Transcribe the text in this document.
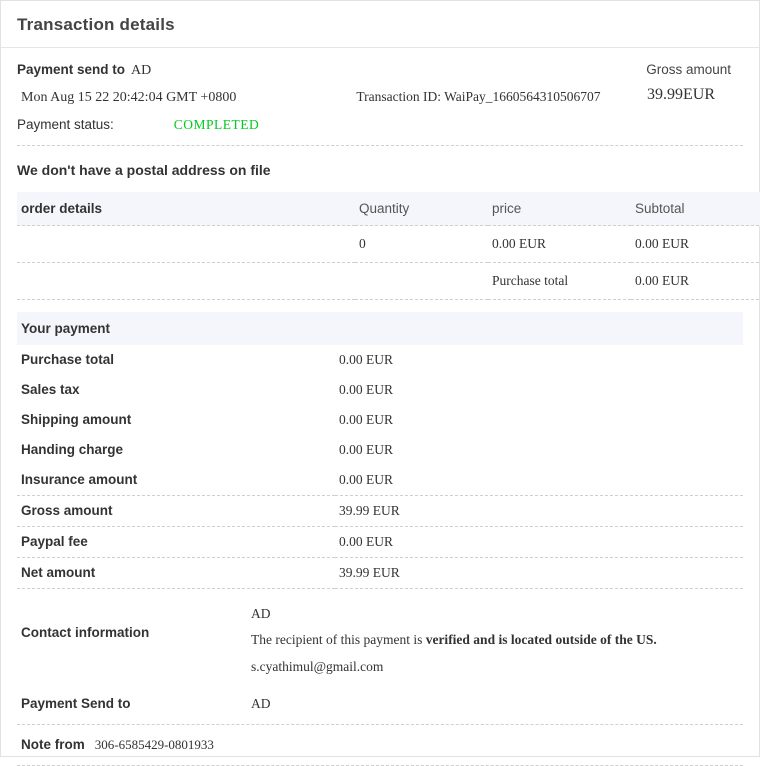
Transaction details
Payment send to AD	Gross amount
39.99EUR
Mon Aug 15 22 20:42:04 GMT +0800	Transaction ID: WaiPay_1660564310506707
Payment status:	COMPLETED
We don't have a postal address on file
order details	Quantity	price	Subtotal
	0	0.00 EUR	0.00 EUR
		Purchase total	0.00 EUR
Your payment
Purchase total	0.00 EUR
Sales tax	0.00 EUR
Shipping amount	0.00 EUR
Handing charge	0.00 EUR
Insurance amount	0.00 EUR
Gross amount	39.99 EUR
Paypal fee	0.00 EUR
Net amount	39.99 EUR
Contact information
AD
The recipient of this payment is verified and is located outside of the US.
s.cyathimul@gmail.com
Payment Send to	AD
Note from 306-6585429-0801933
